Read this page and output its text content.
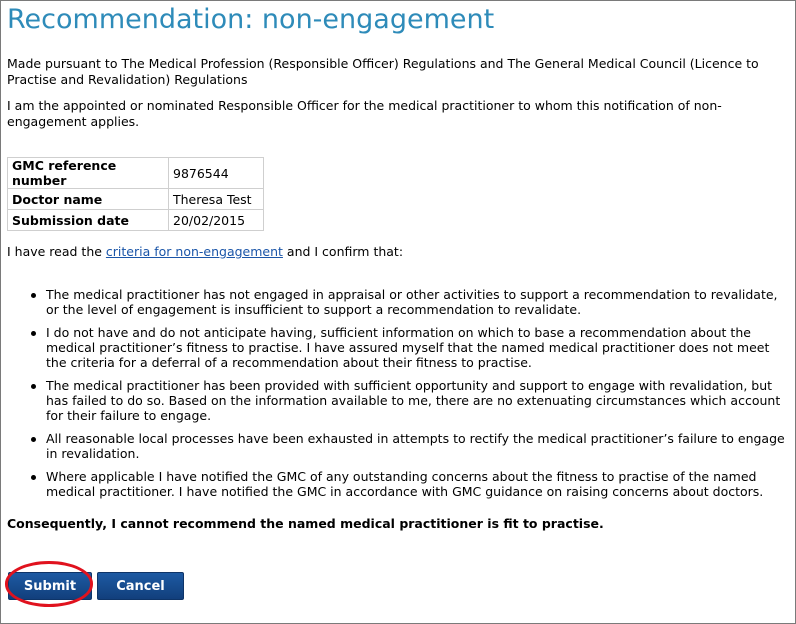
Recommendation: non-engagement

Made pursuant to The Medical Profession (Responsible Officer) Regulations and The General Medical Council (Licence to Practise and Revalidation) Regulations

I am the appointed or nominated Responsible Officer for the medical practitioner to whom this notification of non-engagement applies.

GMC reference number	9876544
Doctor name	Theresa Test
Submission date	20/02/2015

I have read the criteria for non-engagement and I confirm that:

The medical practitioner has not engaged in appraisal or other activities to support a recommendation to revalidate, or the level of engagement is insufficient to support a recommendation to revalidate.
I do not have and do not anticipate having, sufficient information on which to base a recommendation about the medical practitioner’s fitness to practise. I have assured myself that the named medical practitioner does not meet the criteria for a deferral of a recommendation about their fitness to practise.
The medical practitioner has been provided with sufficient opportunity and support to engage with revalidation, but has failed to do so. Based on the information available to me, there are no extenuating circumstances which account for their failure to engage.
All reasonable local processes have been exhausted in attempts to rectify the medical practitioner’s failure to engage in revalidation.
Where applicable I have notified the GMC of any outstanding concerns about the fitness to practise of the named medical practitioner. I have notified the GMC in accordance with GMC guidance on raising concerns about doctors.

Consequently, I cannot recommend the named medical practitioner is fit to practise.

Submit	Cancel
